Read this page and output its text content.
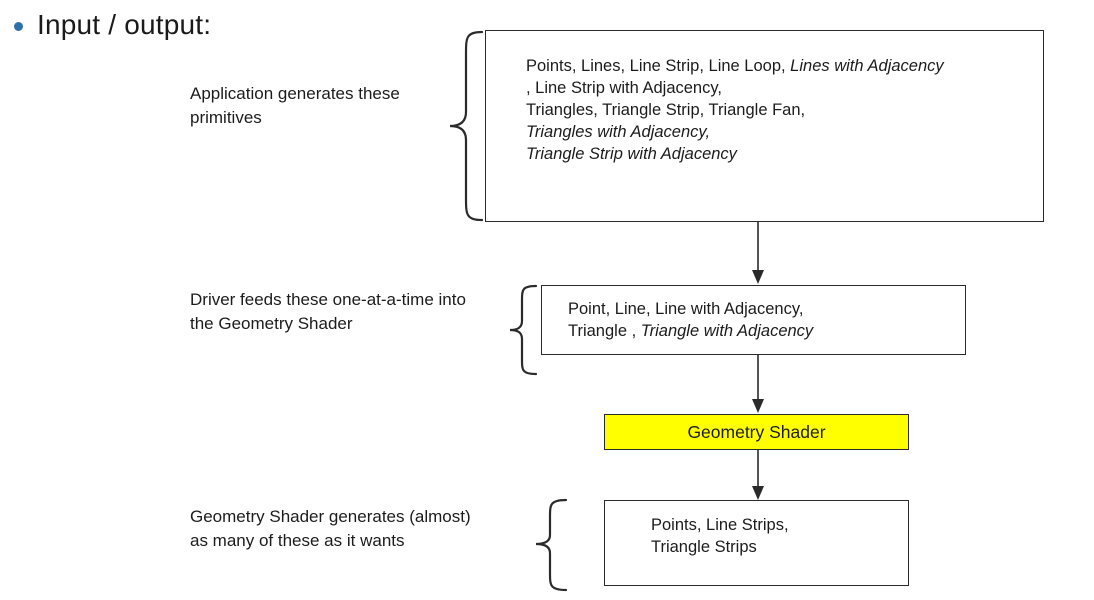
Input / output:
Application generates these primitives
Points, Lines, Line Strip, Line Loop, Lines with Adjacency
, Line Strip with Adjacency,
Triangles, Triangle Strip, Triangle Fan,
Triangles with Adjacency,
Triangle Strip with Adjacency
Driver feeds these one-at-a-time into the Geometry Shader
Point, Line, Line with Adjacency,
Triangle , Triangle with Adjacency
Geometry Shader
Geometry Shader generates (almost) as many of these as it wants
Points, Line Strips,
Triangle Strips
